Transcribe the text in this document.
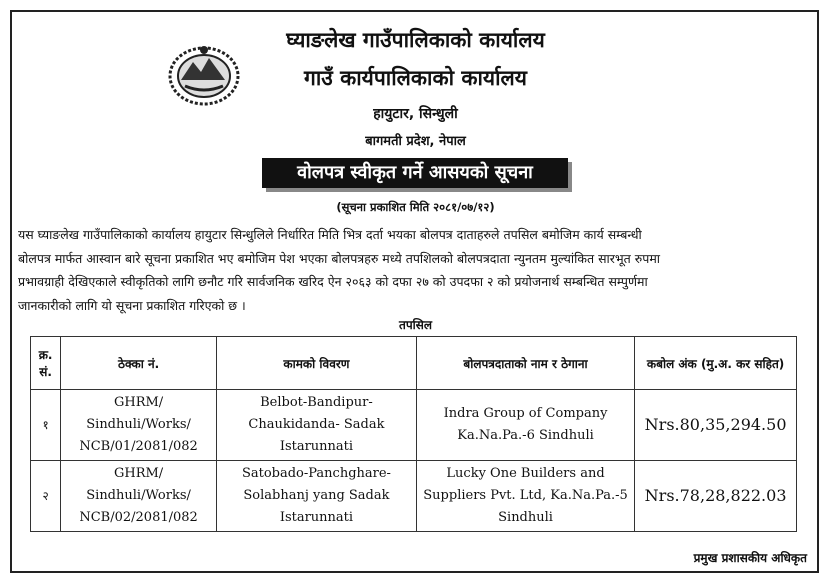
घ्याङलेख गाउँपालिकाको कार्यालय
गाउँ कार्यपालिकाको कार्यालय
हायुटार, सिन्धुली
बागमती प्रदेश, नेपाल
वोलपत्र स्वीकृत गर्ने आसयको सूचना
(सूचना प्रकाशित मिति २०८१/०७/१२)
यस घ्याङलेख गाउँपालिकाको कार्यालय हायुटार सिन्धुलिले निर्धारित मिति भित्र दर्ता भयका बोलपत्र दाताहरुले तपसिल बमोजिम कार्य सम्बन्धी
बोलपत्र मार्फत आस्वान बारे सूचना प्रकाशित भए बमोजिम पेश भएका बोलपत्रहरु मध्ये तपशिलको बोलपत्रदाता न्युनतम मुल्यांकित सारभूत रुपमा
प्रभावग्राही देखिएकाले स्वीकृतिको लागि छनौट गरि सार्वजनिक खरिद ऐन २०६३ को दफा २७ को उपदफा २ को प्रयोजनार्थ सम्बन्धित सम्पुर्णमा
जानकारीको लागि यो सूचना प्रकाशित गरिएको छ ।
तपसिल
क्र. सं.	ठेक्का नं.	कामको विवरण	बोलपत्रदाताको नाम र ठेगाना	कबोल अंक (मु.अ. कर सहित)
१	GHRM/ Sindhuli/Works/ NCB/01/2081/082	Belbot-Bandipur- Chaukidanda- Sadak Istarunnati	Indra Group of Company Ka.Na.Pa.-6 Sindhuli	Nrs.80,35,294.50
२	GHRM/ Sindhuli/Works/ NCB/02/2081/082	Satobado-Panchghare-Solabhanj yang Sadak Istarunnati	Lucky One Builders and Suppliers Pvt. Ltd, Ka.Na.Pa.-5 Sindhuli	Nrs.78,28,822.03
प्रमुख प्रशासकीय अधिकृत
